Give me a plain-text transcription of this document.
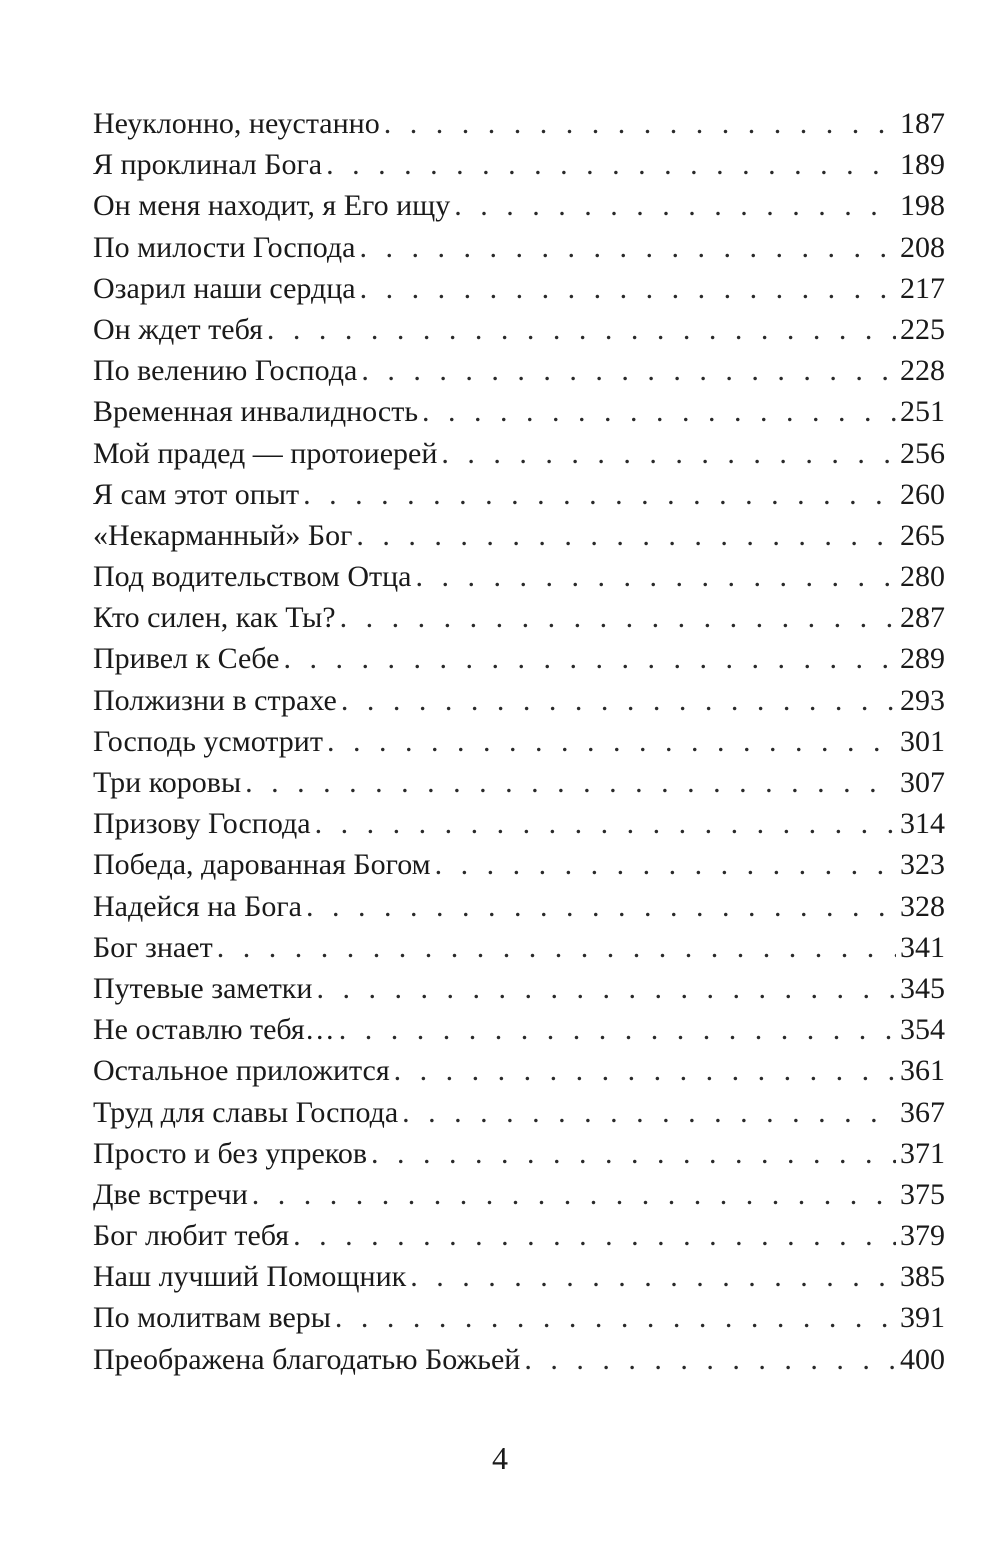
Неуклонно, неустанно . . .	187
Я проклинал Бога . . .	189
Он меня находит, я Его ищу . . .	198
По милости Господа . . .	208
Озарил наши сердца . . .	217
Он ждет тебя . . .	225
По велению Господа . . .	228
Временная инвалидность . . .	251
Мой прадед — протоиерей . . .	256
Я сам этот опыт . . .	260
«Некарманный» Бог . . .	265
Под водительством Отца . . .	280
Кто силен, как Ты? . . .	287
Привел к Себе . . .	289
Полжизни в страхе . . .	293
Господь усмотрит . . .	301
Три коровы . . .	307
Призову Господа . . .	314
Победа, дарованная Богом . . .	323
Надейся на Бога . . .	328
Бог знает . . .	341
Путевые заметки . . .	345
Не оставлю тебя… . . .	354
Остальное приложится . . .	361
Труд для славы Господа . . .	367
Просто и без упреков . . .	371
Две встречи . . .	375
Бог любит тебя . . .	379
Наш лучший Помощник . . .	385
По молитвам веры . . .	391
Преображена благодатью Божьей . . .	400
4
